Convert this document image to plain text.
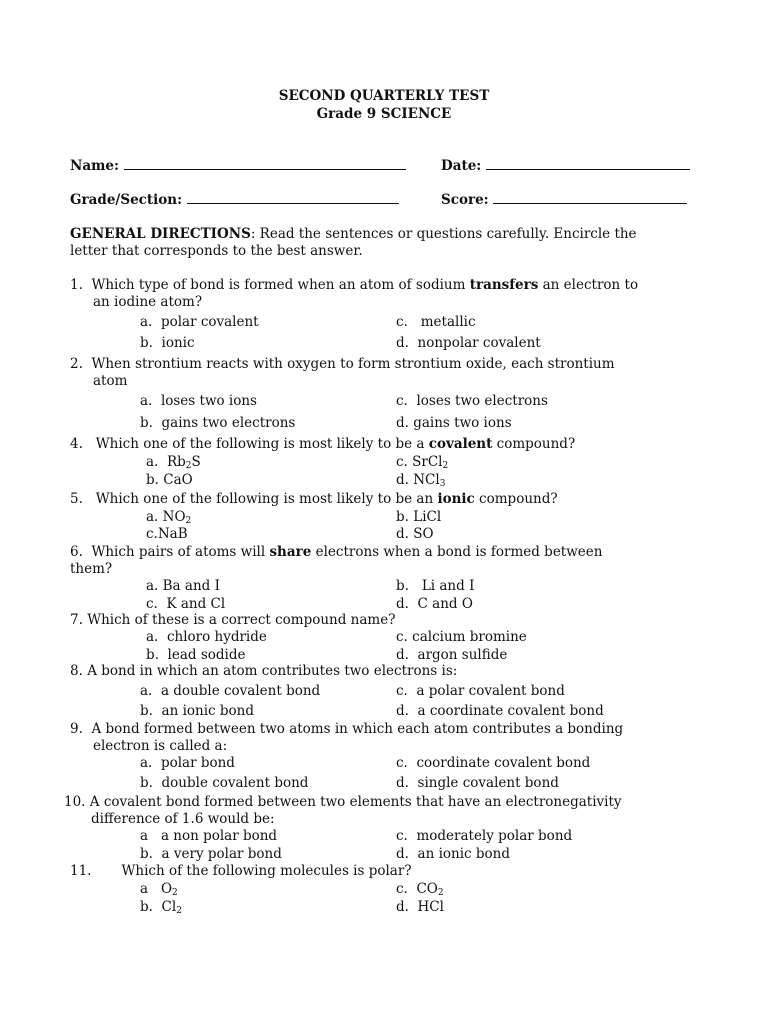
SECOND QUARTERLY TEST
Grade 9 SCIENCE
Name:	Date:
Grade/Section:	Score:
GENERAL DIRECTIONS: Read the sentences or questions carefully. Encircle the
letter that corresponds to the best answer.
1. Which type of bond is formed when an atom of sodium transfers an electron to
an iodine atom?
a. polar covalent
b. ionic
c. metallic
d. nonpolar covalent
2. When strontium reacts with oxygen to form strontium oxide, each strontium
atom
a. loses two ions
b. gains two electrons
c. loses two electrons
d. gains two ions
4. Which one of the following is most likely to be a covalent compound?
a. $Rb_2S$
b. CaO
c. SrCl$_2$
d. NCl$_3$
5. Which one of the following is most likely to be an ionic compound?
a. $NO_2$
c.NaB
b. LiCl
d. SO
6. Which pairs of atoms will share electrons when a bond is formed between
them?
a. Ba and I
c. K and Cl
b. Li and I
d. C and O
7. Which of these is a correct compound name?
a. chloro hydride
b. lead sodide
c. calcium bromine
d. argon sulfide
8. A bond in which an atom contributes two electrons is:
a. a double covalent bond
b. an ionic bond
c. a polar covalent bond
d. a coordinate covalent bond
9. A bond formed between two atoms in which each atom contributes a bonding
electron is called a:
a. polar bond
b. double covalent bond
c. coordinate covalent bond
d. single covalent bond
10. A covalent bond formed between two elements that have an electronegativity
difference of 1.6 would be:
a a non polar bond
b. a very polar bond
c. moderately polar bond
d. an ionic bond
11. Which of the following molecules is polar?
a $O_2$
b. $Cl_2$
c. $CO_2$
d. HCl
